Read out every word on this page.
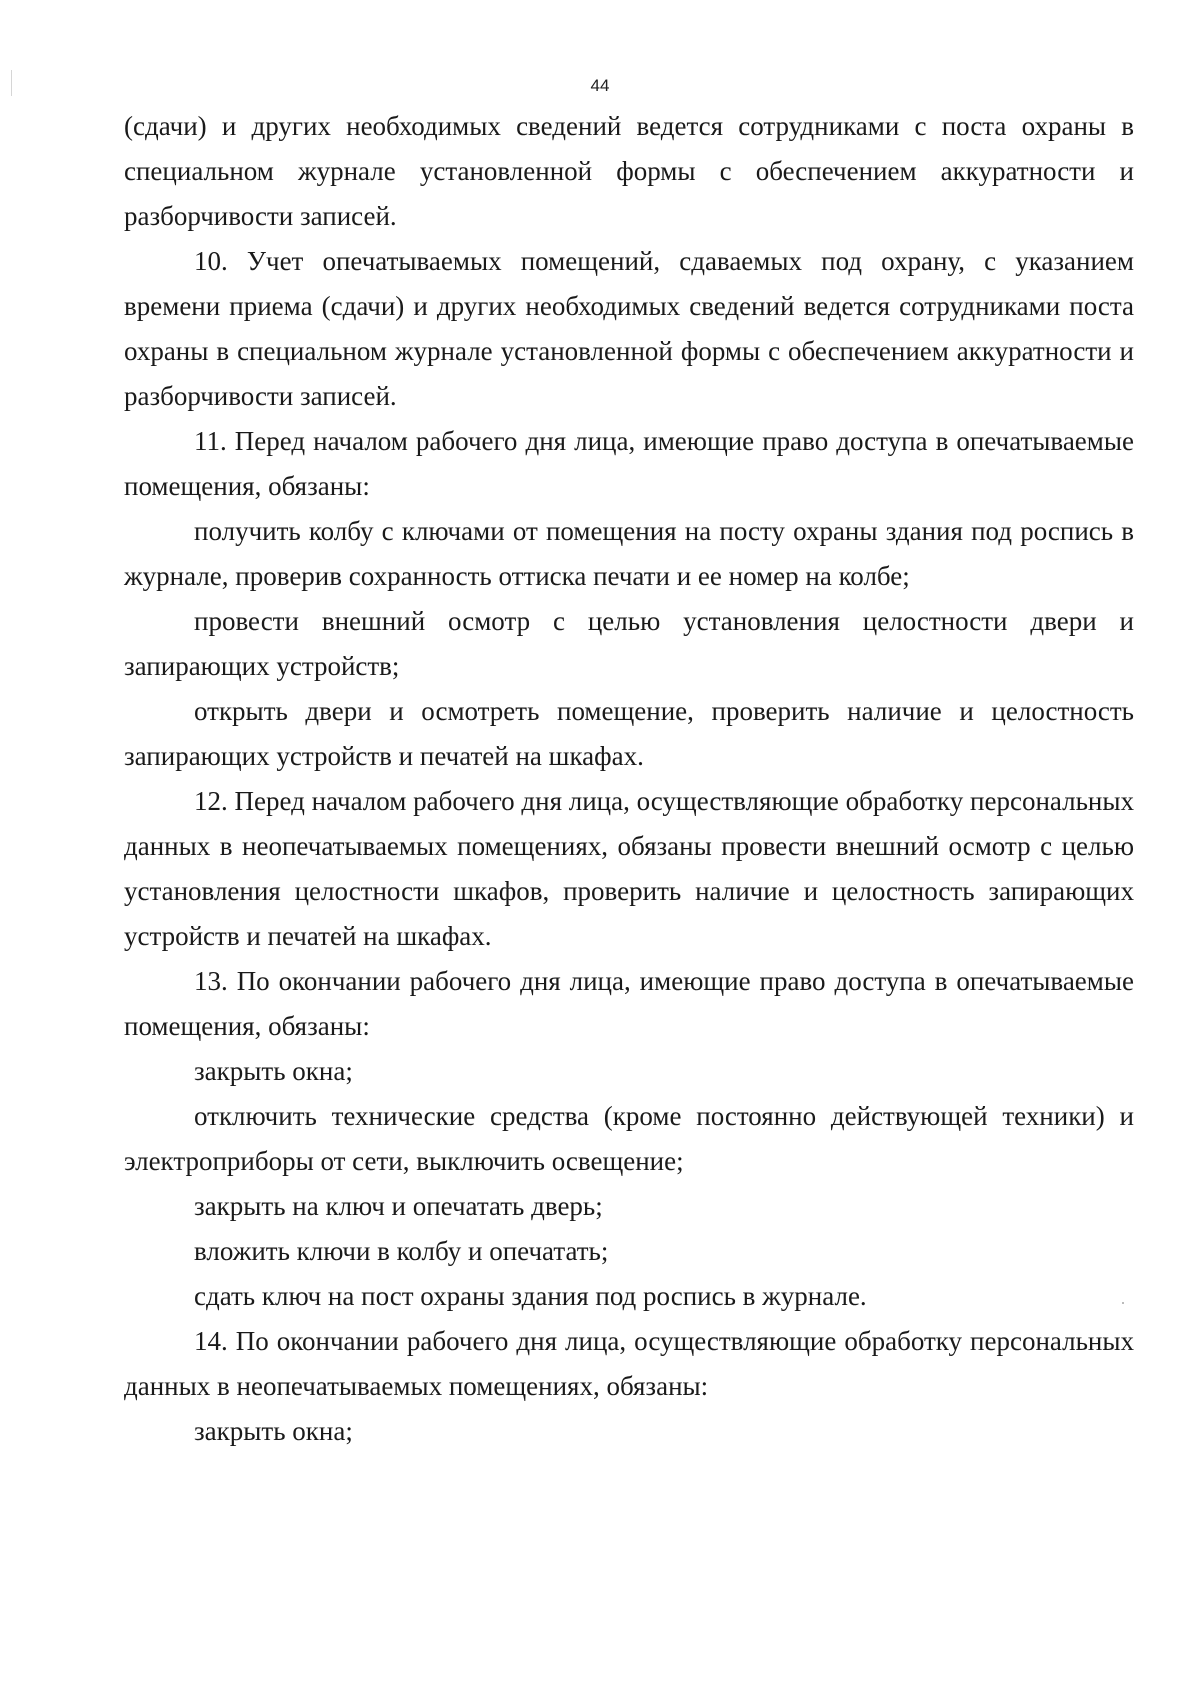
44

(сдачи) и других необходимых сведений ведется сотрудниками с поста охраны в специальном журнале установленной формы с обеспечением аккуратности и разборчивости записей.

10. Учет опечатываемых помещений, сдаваемых под охрану, с указанием времени приема (сдачи) и других необходимых сведений ведется сотрудниками поста охраны в специальном журнале установленной формы с обеспечением аккуратности и разборчивости записей.

11. Перед началом рабочего дня лица, имеющие право доступа в опечатываемые помещения, обязаны:

получить колбу с ключами от помещения на посту охраны здания под роспись в журнале, проверив сохранность оттиска печати и ее номер на колбе;

провести внешний осмотр с целью установления целостности двери и запирающих устройств;

открыть двери и осмотреть помещение, проверить наличие и целостность запирающих устройств и печатей на шкафах.

12. Перед началом рабочего дня лица, осуществляющие обработку персональных данных в неопечатываемых помещениях, обязаны провести внешний осмотр с целью установления целостности шкафов, проверить наличие и целостность запирающих устройств и печатей на шкафах.

13. По окончании рабочего дня лица, имеющие право доступа в опечатываемые помещения, обязаны:

закрыть окна;

отключить технические средства (кроме постоянно действующей техники) и электроприборы от сети, выключить освещение;

закрыть на ключ и опечатать дверь;

вложить ключи в колбу и опечатать;

сдать ключ на пост охраны здания под роспись в журнале.

14. По окончании рабочего дня лица, осуществляющие обработку персональных данных в неопечатываемых помещениях, обязаны:

закрыть окна;
